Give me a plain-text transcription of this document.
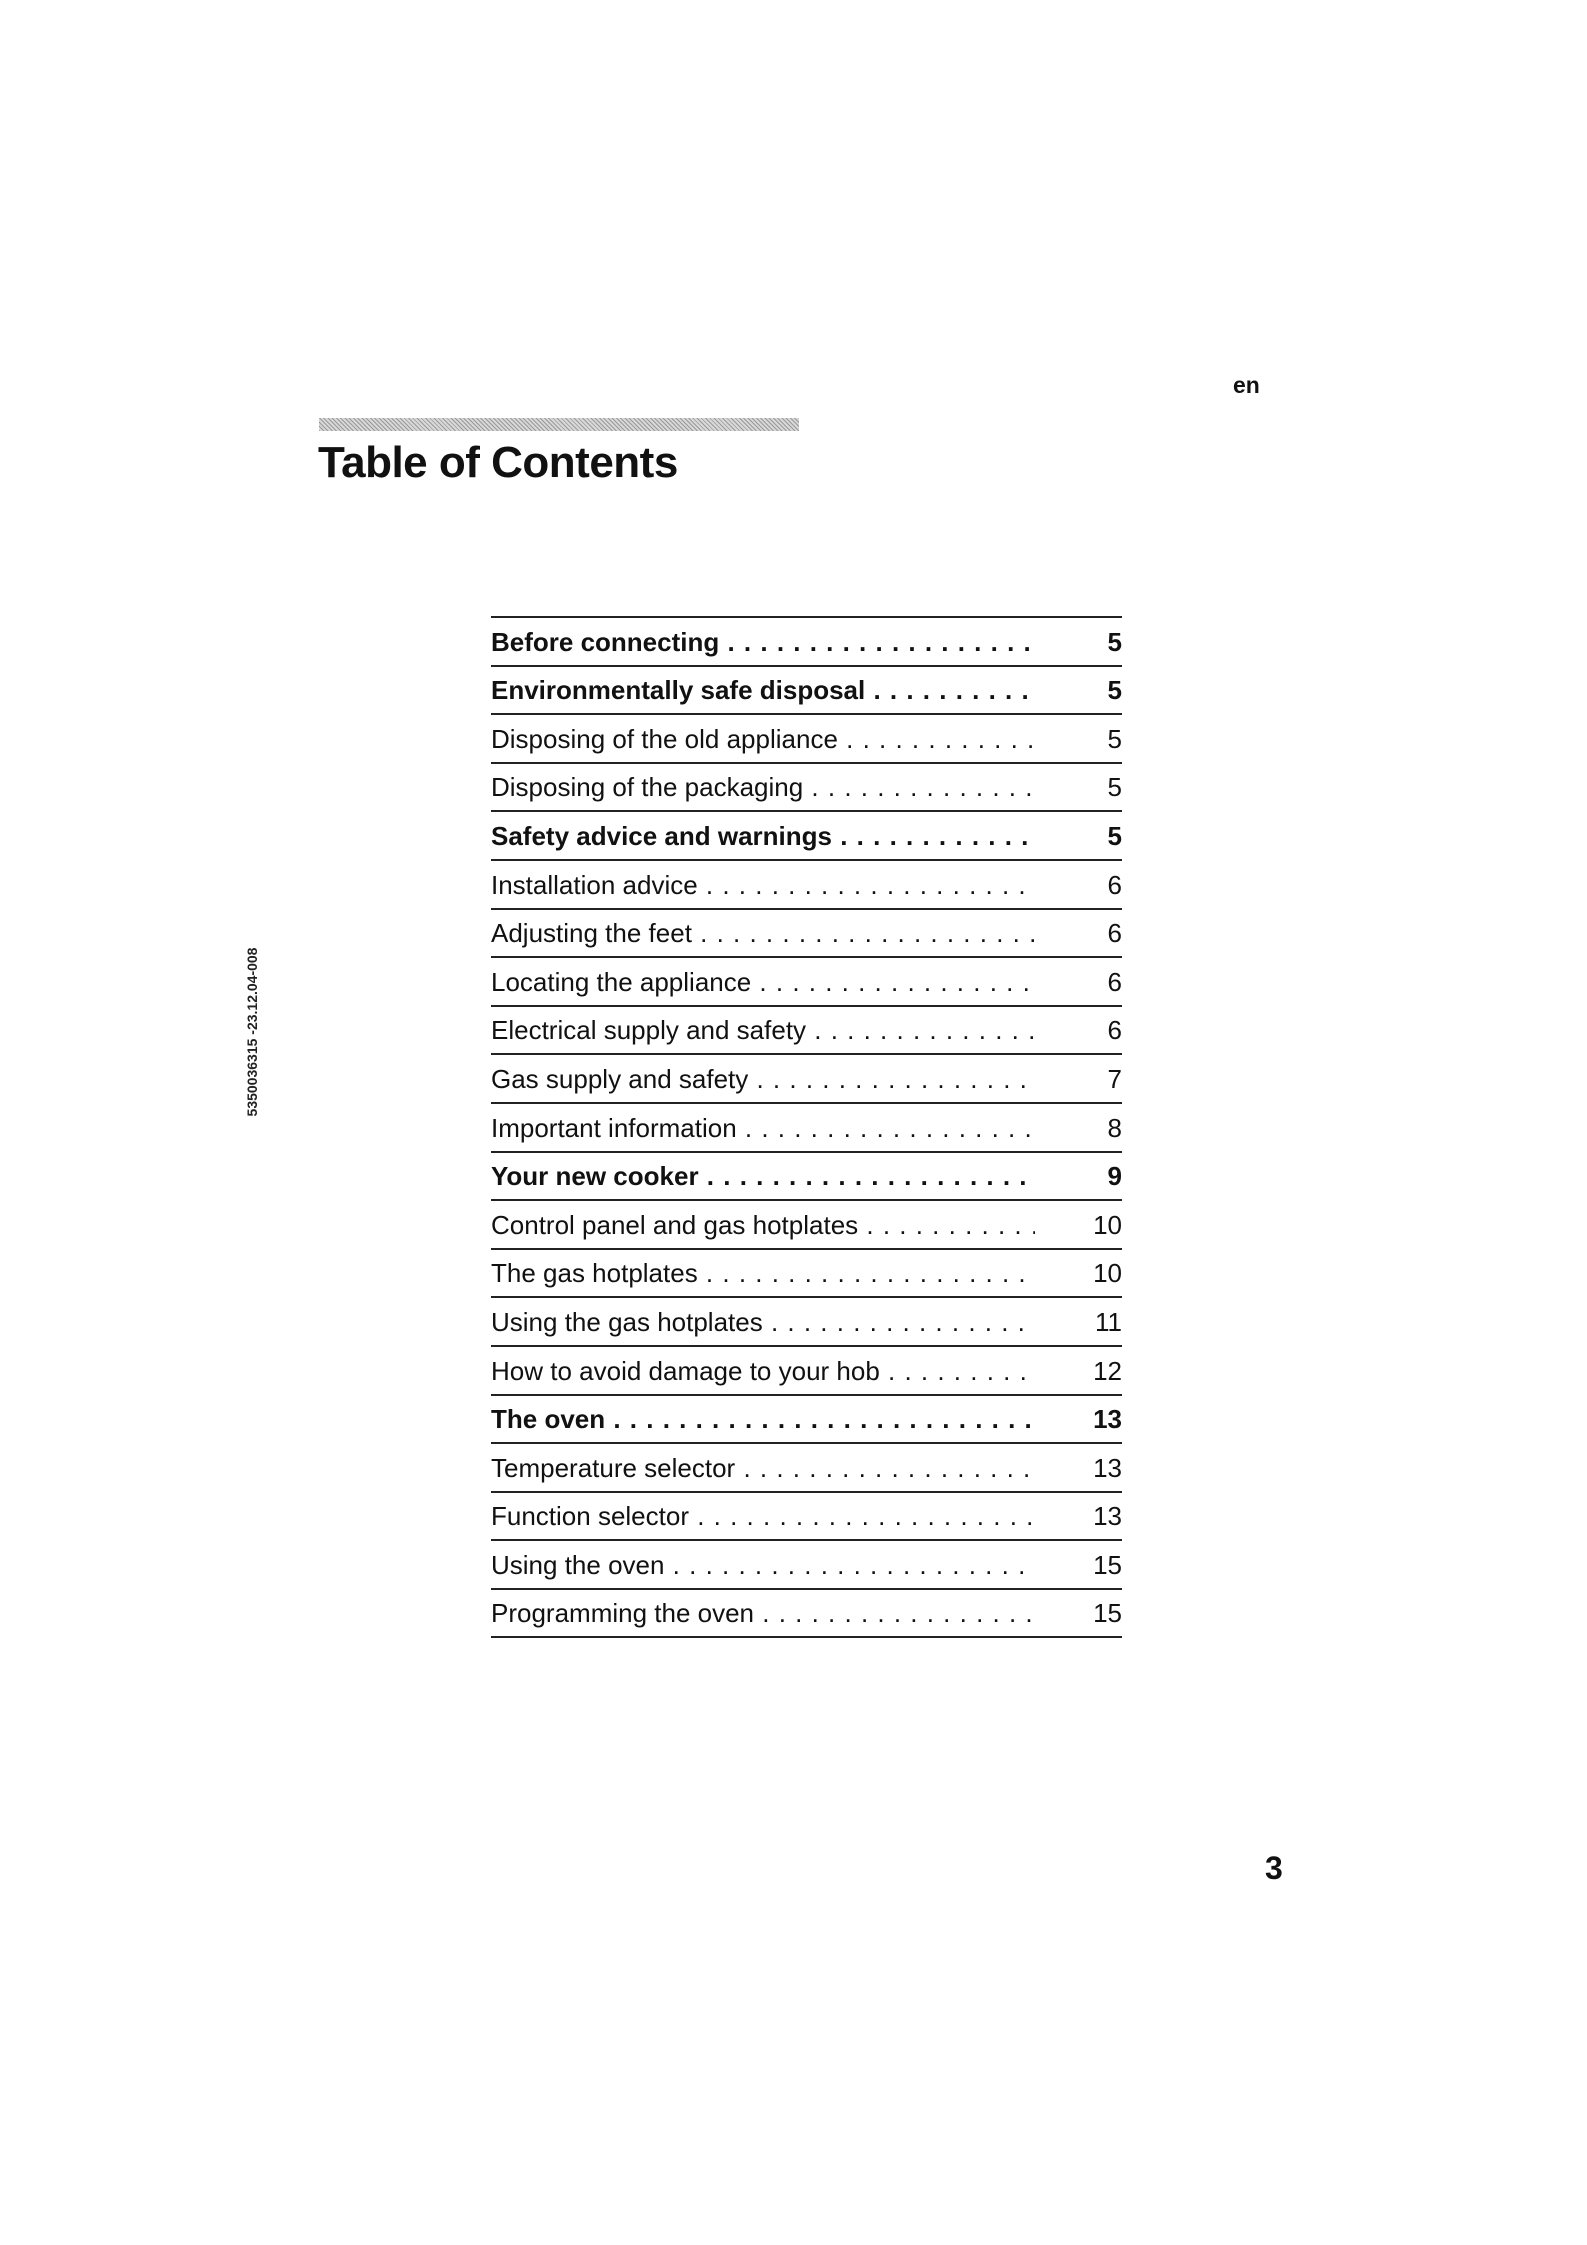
en
Table of Contents
5350036315 -23.12.04-008
Before connecting . . .	5
Environmentally safe disposal . . .	5
Disposing of the old appliance . . .	5
Disposing of the packaging . . .	5
Safety advice and warnings . . .	5
Installation advice . . .	6
Adjusting the feet . . .	6
Locating the appliance . . .	6
Electrical supply and safety . . .	6
Gas supply and safety . . .	7
Important information . . .	8
Your new cooker . . .	9
Control panel and gas hotplates . . .	10
The gas hotplates . . .	10
Using the gas hotplates . . .	11
How to avoid damage to your hob . . .	12
The oven . . .	13
Temperature selector . . .	13
Function selector . . .	13
Using the oven . . .	15
Programming the oven . . .	15
3
